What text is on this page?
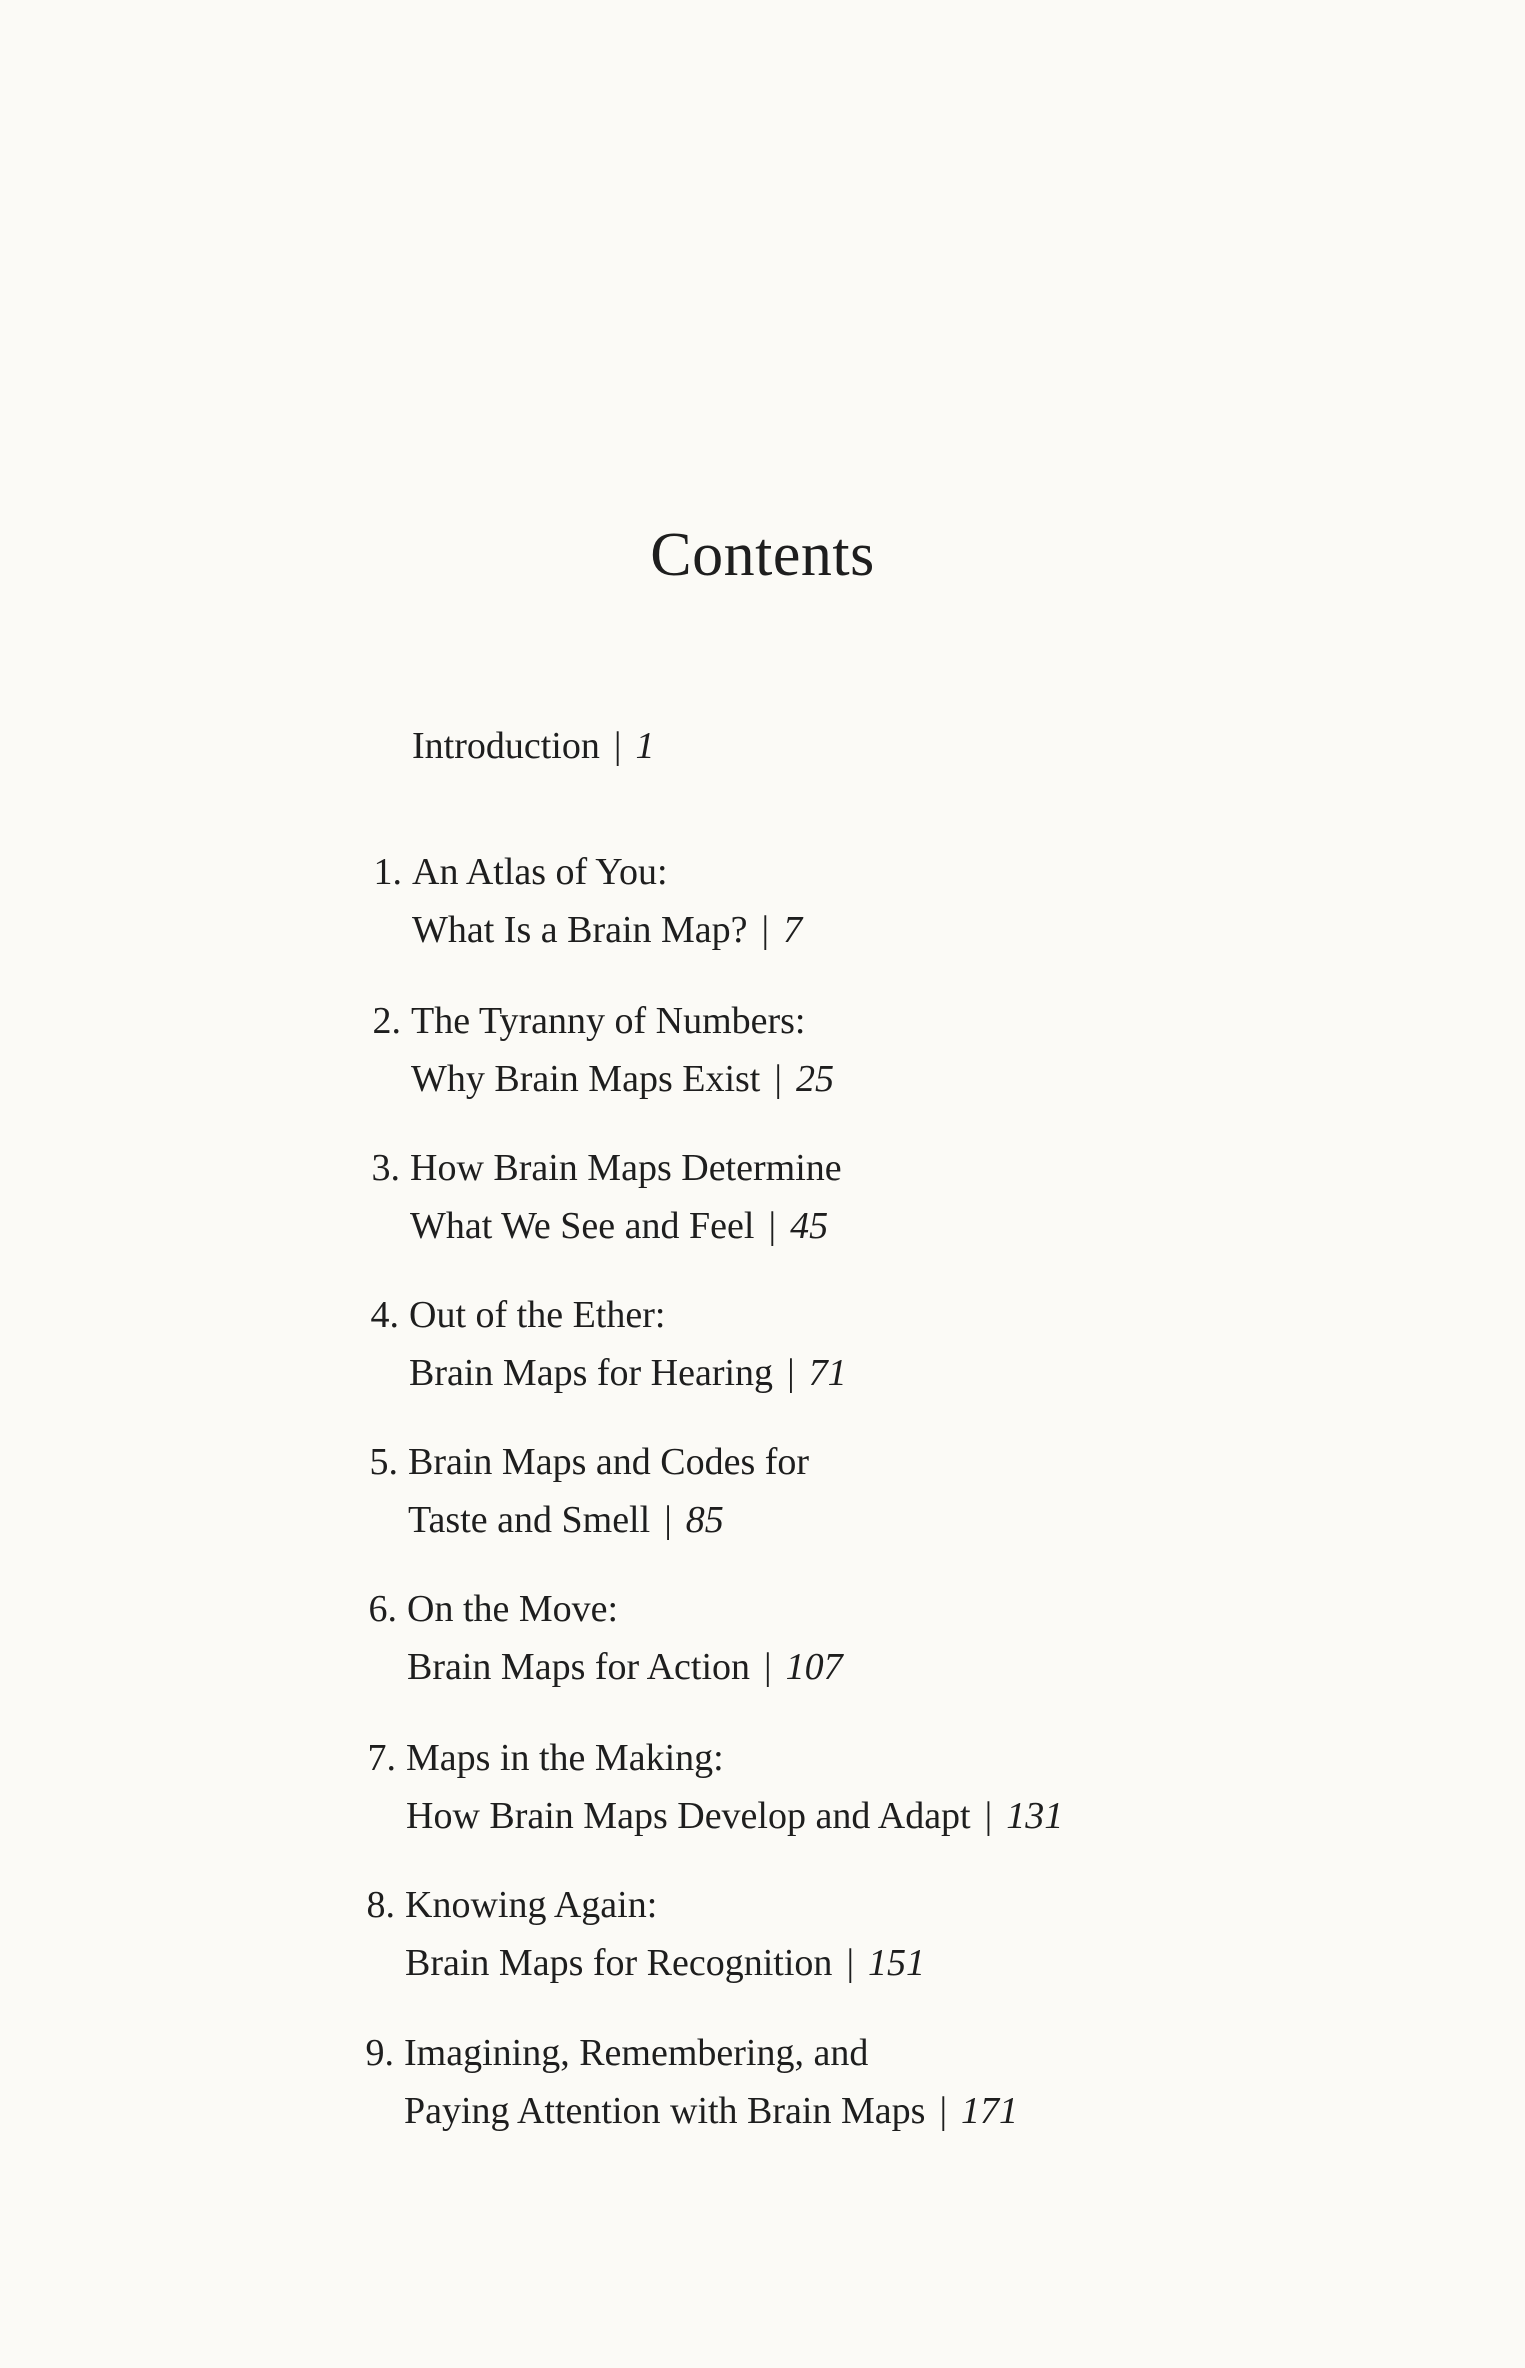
Contents
Introduction | 1
1. An Atlas of You:
What Is a Brain Map? | 7
2. The Tyranny of Numbers:
Why Brain Maps Exist | 25
3. How Brain Maps Determine
What We See and Feel | 45
4. Out of the Ether:
Brain Maps for Hearing | 71
5. Brain Maps and Codes for
Taste and Smell | 85
6. On the Move:
Brain Maps for Action | 107
7. Maps in the Making:
How Brain Maps Develop and Adapt | 131
8. Knowing Again:
Brain Maps for Recognition | 151
9. Imagining, Remembering, and
Paying Attention with Brain Maps | 171
